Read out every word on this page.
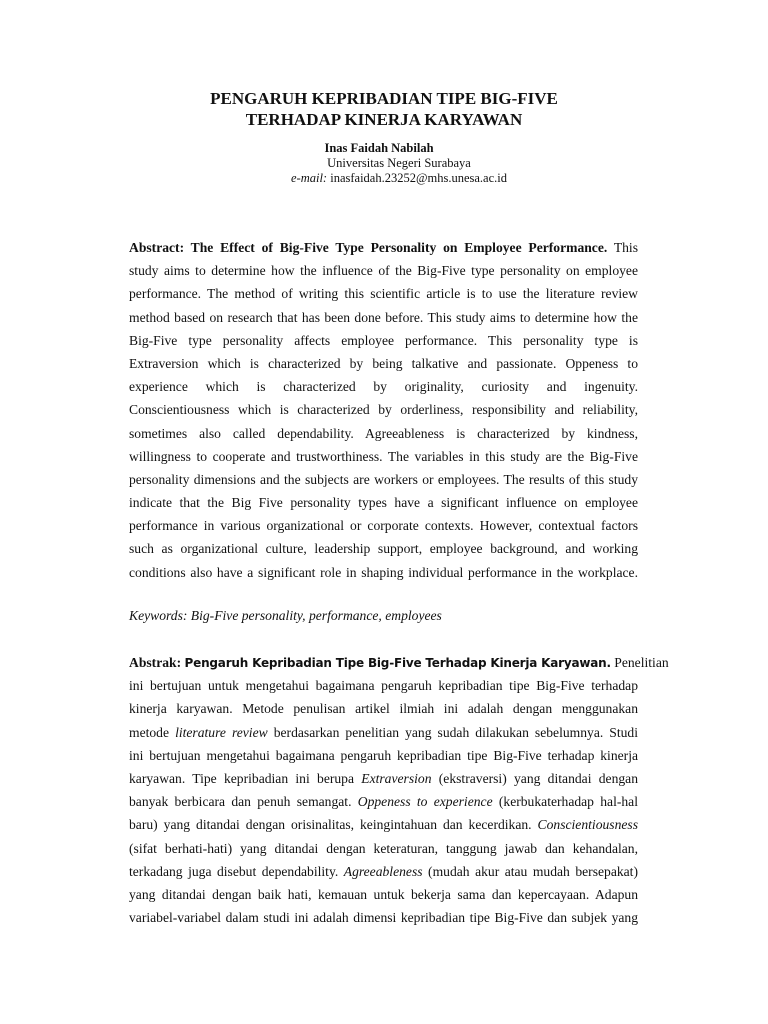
PENGARUH KEPRIBADIAN TIPE BIG-FIVE
TERHADAP KINERJA KARYAWAN
Inas Faidah Nabilah
Universitas Negeri Surabaya
e-mail: inasfaidah.23252@mhs.unesa.ac.id
Abstract: The Effect of Big-Five Type Personality on Employee Performance. This
study aims to determine how the influence of the Big-Five type personality on employee
performance. The method of writing this scientific article is to use the literature review
method based on research that has been done before. This study aims to determine how the
Big-Five type personality affects employee performance. This personality type is
Extraversion which is characterized by being talkative and passionate. Oppeness to
experience which is characterized by originality, curiosity and ingenuity.
Conscientiousness which is characterized by orderliness, responsibility and reliability,
sometimes also called dependability. Agreeableness is characterized by kindness,
willingness to cooperate and trustworthiness. The variables in this study are the Big-Five
personality dimensions and the subjects are workers or employees. The results of this study
indicate that the Big Five personality types have a significant influence on employee
performance in various organizational or corporate contexts. However, contextual factors
such as organizational culture, leadership support, employee background, and working
conditions also have a significant role in shaping individual performance in the workplace.
Keywords: Big-Five personality, performance, employees
Abstrak: Pengaruh Kepribadian Tipe Big-Five Terhadap Kinerja Karyawan. Penelitian
ini bertujuan untuk mengetahui bagaimana pengaruh kepribadian tipe Big-Five terhadap
kinerja karyawan. Metode penulisan artikel ilmiah ini adalah dengan menggunakan
metode literature review berdasarkan penelitian yang sudah dilakukan sebelumnya. Studi
ini bertujuan mengetahui bagaimana pengaruh kepribadian tipe Big-Five terhadap kinerja
karyawan. Tipe kepribadian ini berupa Extraversion (ekstraversi) yang ditandai dengan
banyak berbicara dan penuh semangat. Oppeness to experience (kerbukaterhadap hal-hal
baru) yang ditandai dengan orisinalitas, keingintahuan dan kecerdikan. Conscientiousness
(sifat berhati-hati) yang ditandai dengan keteraturan, tanggung jawab dan kehandalan,
terkadang juga disebut dependability. Agreeableness (mudah akur atau mudah bersepakat)
yang ditandai dengan baik hati, kemauan untuk bekerja sama dan kepercayaan. Adapun
variabel-variabel dalam studi ini adalah dimensi kepribadian tipe Big-Five dan subjek yang
